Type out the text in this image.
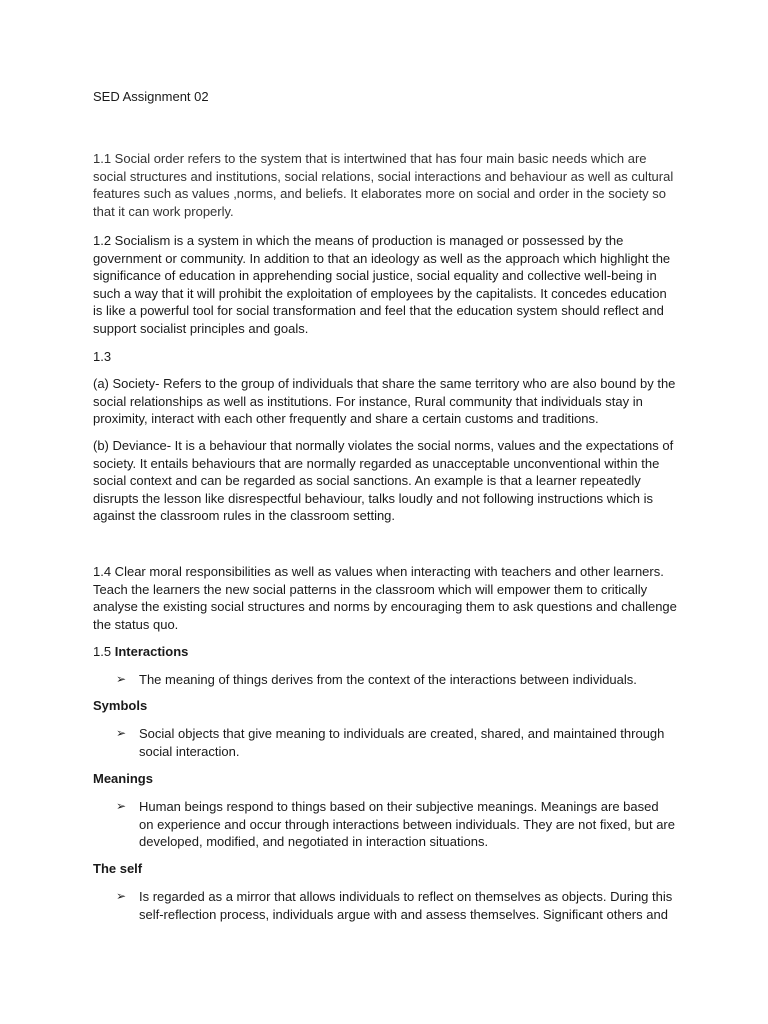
SED Assignment 02

1.1 Social order refers to the system that is intertwined that has four main basic needs which are social structures and institutions, social relations, social interactions and behaviour as well as cultural features such as values ,norms, and beliefs. It elaborates more on social and order in the society so that it can work properly.

1.2 Socialism is a system in which the means of production is managed or possessed by the government or community. In addition to that an ideology as well as the approach which highlight the significance of education in apprehending social justice, social equality and collective well-being in such a way that it will prohibit the exploitation of employees by the capitalists. It concedes education is like a powerful tool for social transformation and feel that the education system should reflect and support socialist principles and goals.

1.3

(a) Society- Refers to the group of individuals that share the same territory who are also bound by the social relationships as well as institutions. For instance, Rural community that individuals stay in proximity, interact with each other frequently and share a certain customs and traditions.

(b) Deviance- It is a behaviour that normally violates the social norms, values and the expectations of society. It entails behaviours that are normally regarded as unacceptable unconventional within the social context and can be regarded as social sanctions. An example is that a learner repeatedly disrupts the lesson like disrespectful behaviour, talks loudly and not following instructions which is against the classroom rules in the classroom setting.

1.4 Clear moral responsibilities as well as values when interacting with teachers and other learners. Teach the learners the new social patterns in the classroom which will empower them to critically analyse the existing social structures and norms by encouraging them to ask questions and challenge the status quo.

1.5 Interactions

➢ The meaning of things derives from the context of the interactions between individuals.

Symbols

➢ Social objects that give meaning to individuals are created, shared, and maintained through social interaction.

Meanings

➢ Human beings respond to things based on their subjective meanings. Meanings are based on experience and occur through interactions between individuals. They are not fixed, but are developed, modified, and negotiated in interaction situations.

The self

➢ Is regarded as a mirror that allows individuals to reflect on themselves as objects. During this self-reflection process, individuals argue with and assess themselves. Significant others and
